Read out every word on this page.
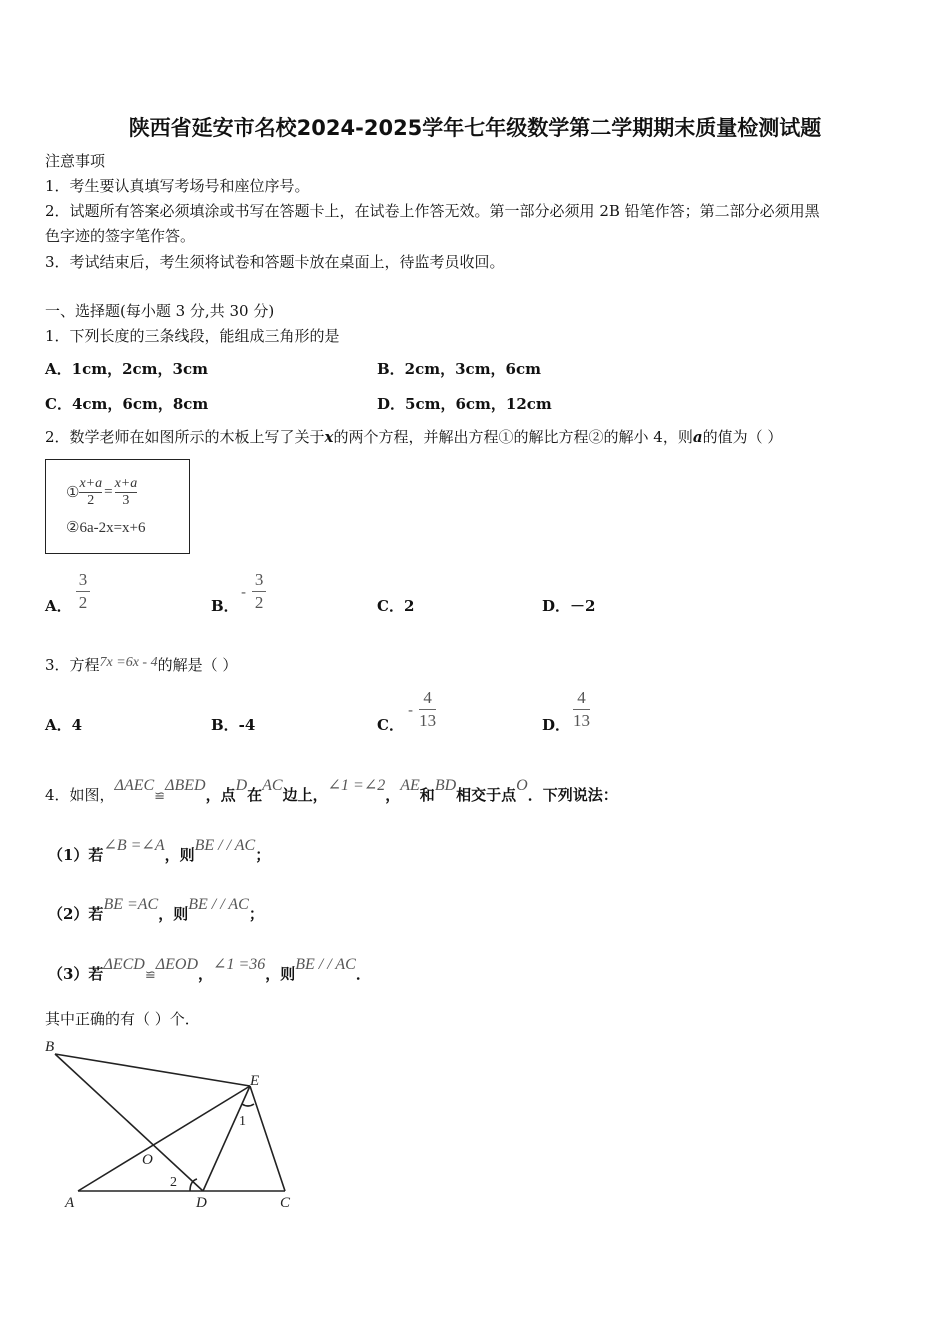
陕西省延安市名校2024-2025学年七年级数学第二学期期末质量检测试题
注意事项
1．考生要认真填写考场号和座位序号。
2．试题所有答案必须填涂或书写在答题卡上，在试卷上作答无效。第一部分必须用 2B 铅笔作答；第二部分必须用黑
色字迹的签字笔作答。
3．考试结束后，考生须将试卷和答题卡放在桌面上，待监考员收回。
一、选择题(每小题 3 分,共 30 分)
1．下列长度的三条线段，能组成三角形的是
A．1cm，2cm，3cm	B．2cm，3cm，6cm
C．4cm，6cm，8cm	D．5cm，6cm，12cm
2．数学老师在如图所示的木板上写了关于x的两个方程，并解出方程①的解比方程②的解小 4，则a的值为（ ）
①
x+a
2
=
x+a
3
②6a-2x=x+6
A． $\frac{3}{2}$	B．
- $\frac{3}{2}$	C．2	D．－2
3．方程7x =6x - 4的解是（ ）
A．4	B．-4	C．
- $\frac{4}{13}$	D． $\frac{4}{13}$
4．如图，ΔAEC≌ΔBED，点D在AC边上，∠1 =∠2，AE和BD相交于点O．下列说法：
（1）若∠B =∠A，则BE / / AC；
（2）若BE =AC，则BE / / AC；
（3）若ΔECD≌ΔEOD，∠1 =36，则BE / / AC．
其中正确的有（ ）个．
B
E
O
A	D	C
1
2
